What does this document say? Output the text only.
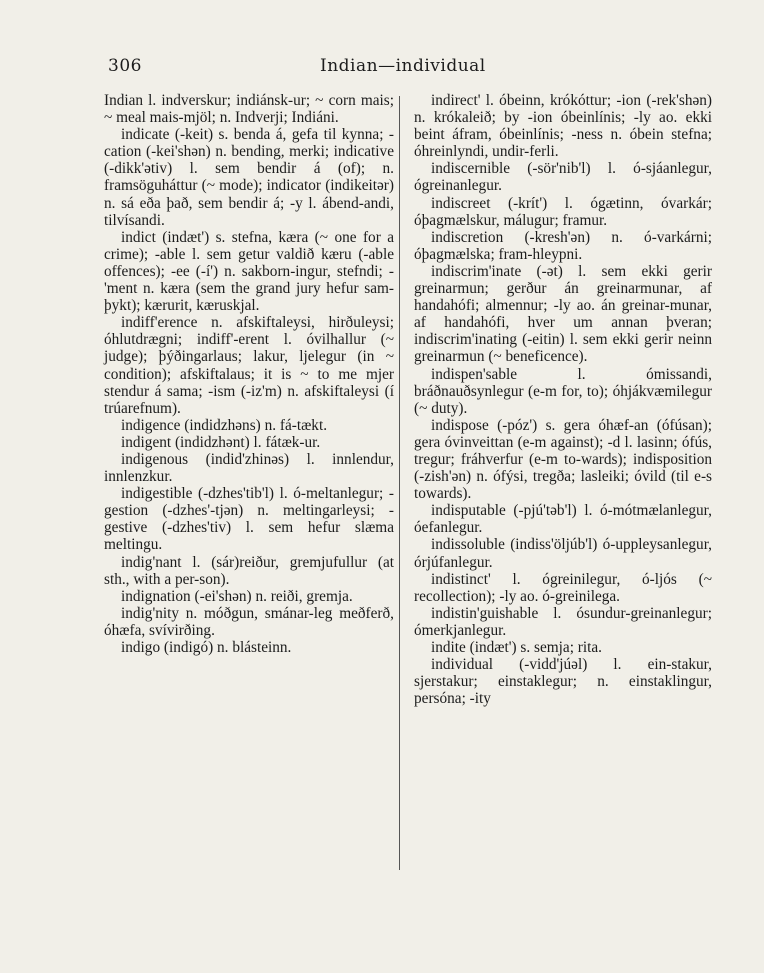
306	Indian—individual

Indian l. indverskur; indiánsk-ur; ~ corn mais; ~ meal mais-mjöl; n. Indverji; Indiáni.

indicate (-keit) s. benda á, gefa til kynna; -cation (-kei'shən) n. bending, merki; indicative (-dikk'ətiv) l. sem bendir á (of); n. framsöguháttur (~ mode); indicator (indikeitər) n. sá eða það, sem bendir á; -y l. ábend-andi, tilvísandi.

indict (indæt') s. stefna, kæra (~ one for a crime); -able l. sem getur valdið kæru (-able offences); -ee (-í') n. sakborn-ingur, stefndi; -'ment n. kæra (sem the grand jury hefur sam-þykt); kærurit, kæruskjal.

indiff'erence n. afskiftaleysi, hirðuleysi; óhlutdrægni; indiff'-erent l. óvilhallur (~ judge); þýðingarlaus; lakur, ljelegur (in ~ condition); afskiftalaus; it is ~ to me mjer stendur á sama; -ism (-iz'm) n. afskiftaleysi (í trúarefnum).

indigence (indidzhəns) n. fá-tækt.

indigent (indidzhənt) l. fátæk-ur.

indigenous (indid'zhinəs) l. innlendur, innlenzkur.

indigestible (-dzhes'tib'l) l. ó-meltanlegur; -gestion (-dzhes'-tjən) n. meltingarleysi; -gestive (-dzhes'tiv) l. sem hefur slæma meltingu.

indig'nant l. (sár)reiður, gremjufullur (at sth., with a per-son).

indignation (-ei'shən) n. reiði, gremja.

indig'nity n. móðgun, smánar-leg meðferð, óhæfa, svívirðing.

indigo (indigó) n. blásteinn.

indirect' l. óbeinn, krókóttur; -ion (-rek'shən) n. krókaleið; by -ion óbeinlínis; -ly ao. ekki beint áfram, óbeinlínis; -ness n. óbein stefna; óhreinlyndi, undir-ferli.

indiscernible (-sör'nib'l) l. ó-sjáanlegur, ógreinanlegur.

indiscreet (-krít') l. ógætinn, óvarkár; óþagmælskur, málugur; framur.

indiscretion (-kresh'ən) n. ó-varkárni; óþagmælska; fram-hleypni.

indiscrim'inate (-ət) l. sem ekki gerir greinarmun; gerður án greinarmunar, af handahófi; almennur; -ly ao. án greinar-munar, af handahófi, hver um annan þveran; indiscrim'inating (-eitin) l. sem ekki gerir neinn greinarmun (~ beneficence).

indispen'sable l. ómissandi, bráðnauðsynlegur (e-m for, to); óhjákvæmilegur (~ duty).

indispose (-póz') s. gera óhæf-an (ófúsan); gera óvinveittan (e-m against); -d l. lasinn; ófús, tregur; fráhverfur (e-m to-wards); indisposition (-zish'ən) n. ófýsi, tregða; lasleiki; óvild (til e-s towards).

indisputable (-pjú'təb'l) l. ó-mótmælanlegur, óefanlegur.

indissoluble (indiss'öljúb'l) ó-uppleysanlegur, órjúfanlegur.

indistinct' l. ógreinilegur, ó-ljós (~ recollection); -ly ao. ó-greinilega.

indistin'guishable l. ósundur-greinanlegur; ómerkjanlegur.

indite (indæt') s. semja; rita.

individual (-vidd'júəl) l. ein-stakur, sjerstakur; einstaklegur; n. einstaklingur, persóna; -ity
